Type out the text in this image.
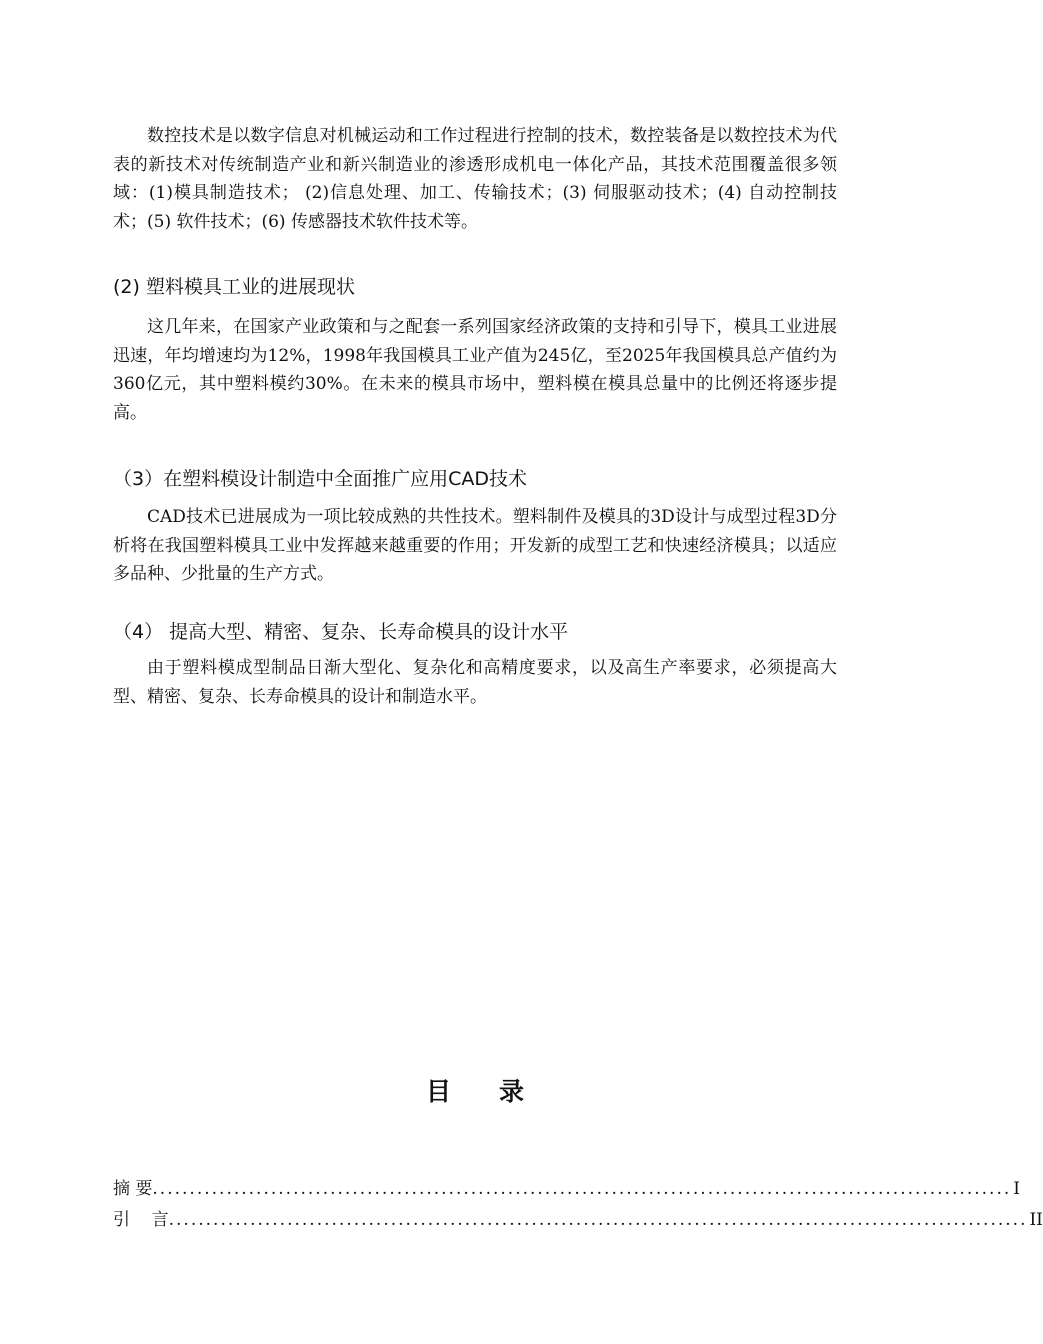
数控技术是以数字信息对机械运动和工作过程进行控制的技术，数控装备是以数控技术为代表的新技术对传统制造产业和新兴制造业的渗透形成机电一体化产品，其技术范围覆盖很多领域：(1)模具制造技术； (2)信息处理、加工、传输技术；(3) 伺服驱动技术；(4) 自动控制技术；(5) 软件技术；(6) 传感器技术软件技术等。

(2) 塑料模具工业的进展现状

这几年来，在国家产业政策和与之配套一系列国家经济政策的支持和引导下，模具工业进展迅速，年均增速均为12%，1998年我国模具工业产值为245亿，至2025年我国模具总产值约为360亿元，其中塑料模约30%。在未来的模具市场中，塑料模在模具总量中的比例还将逐步提高。

（3）在塑料模设计制造中全面推广应用CAD技术

CAD技术已进展成为一项比较成熟的共性技术。塑料制件及模具的3D设计与成型过程3D分析将在我国塑料模具工业中发挥越来越重要的作用；开发新的成型工艺和快速经济模具；以适应多品种、少批量的生产方式。

（4） 提高大型、精密、复杂、长寿命模具的设计水平

由于塑料模成型制品日渐大型化、复杂化和高精度要求，以及高生产率要求，必须提高大型、精密、复杂、长寿命模具的设计和制造水平。

目录
摘 要 .................................................................................................................... I
引    言 .................................................................................................................... II
